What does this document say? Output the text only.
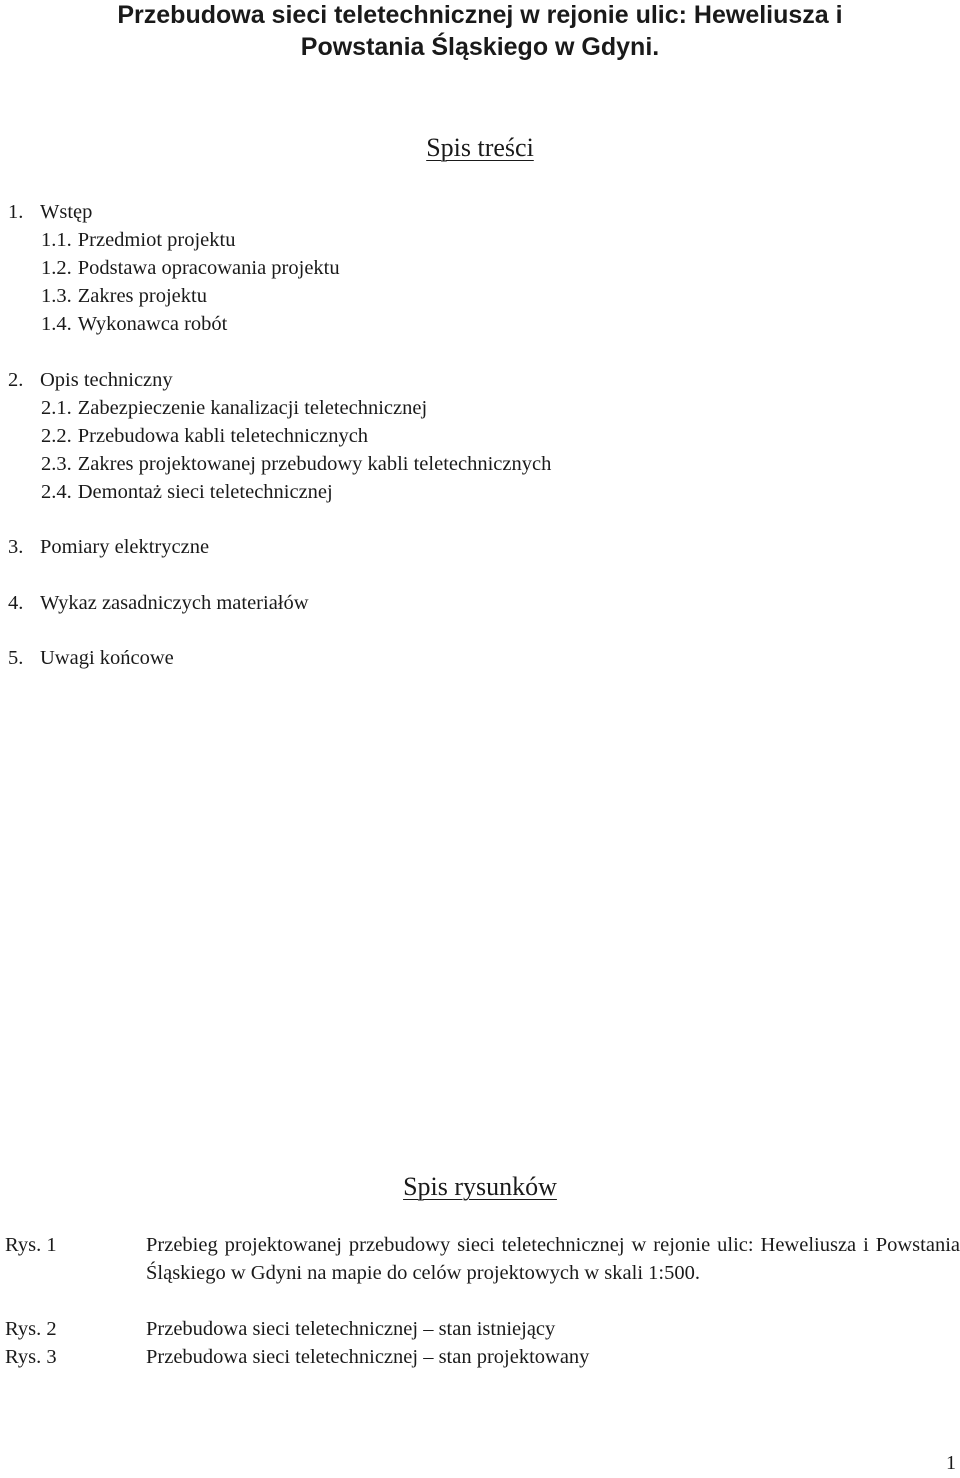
Przebudowa sieci teletechnicznej w rejonie ulic: Heweliusza i
Powstania Śląskiego w Gdyni.
Spis treści
1. Wstęp
1.1. Przedmiot projektu
1.2. Podstawa opracowania projektu
1.3. Zakres projektu
1.4. Wykonawca robót
2. Opis techniczny
2.1. Zabezpieczenie kanalizacji teletechnicznej
2.2. Przebudowa kabli teletechnicznych
2.3. Zakres projektowanej przebudowy kabli teletechnicznych
2.4. Demontaż sieci teletechnicznej
3. Pomiary elektryczne
4. Wykaz zasadniczych materiałów
5. Uwagi końcowe
Spis rysunków
Rys. 1	Przebieg projektowanej przebudowy sieci teletechnicznej w rejonie ulic: Heweliusza i Powstania Śląskiego w Gdyni na mapie do celów projektowych w skali 1:500.
Rys. 2	Przebudowa sieci teletechnicznej – stan istniejący
Rys. 3	Przebudowa sieci teletechnicznej – stan projektowany
1
